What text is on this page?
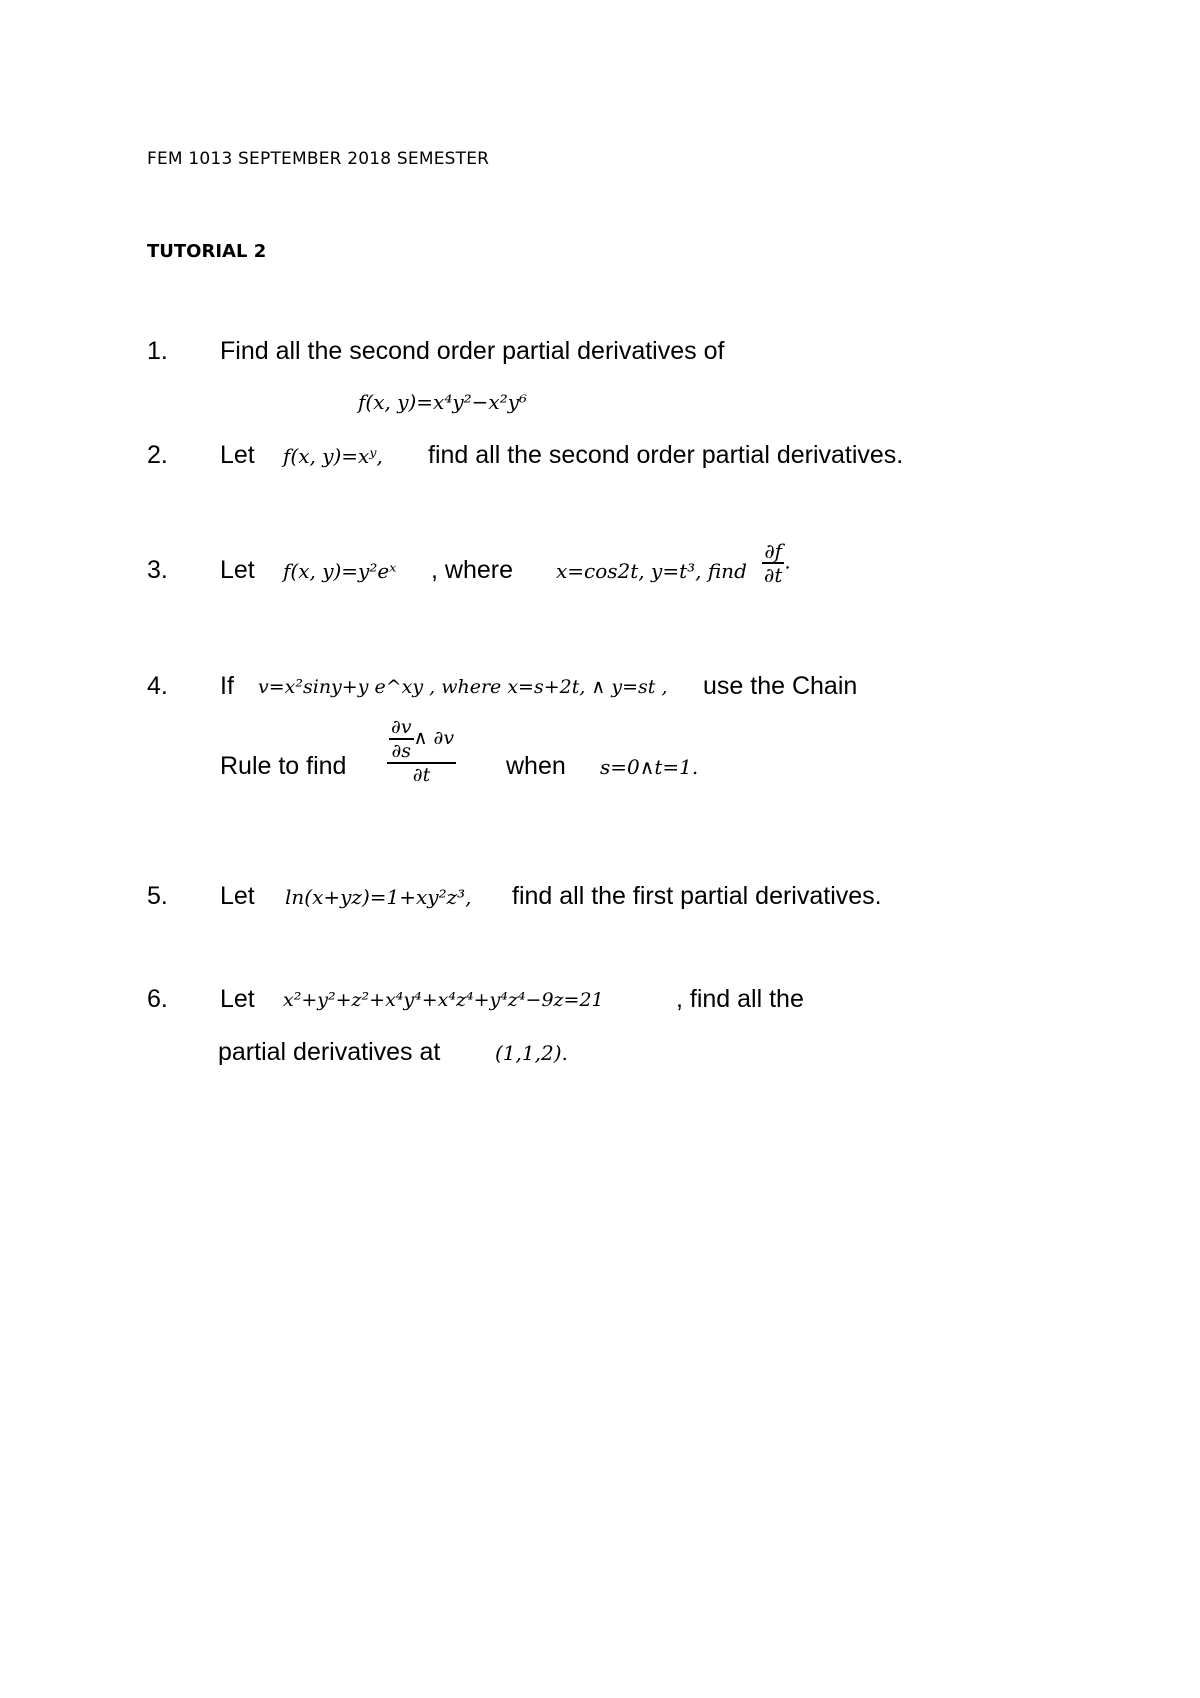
FEM 1013 SEPTEMBER 2018 SEMESTER
TUTORIAL 2
1. Find all the second order partial derivatives of
f(x, y)=x⁴y²−x²y⁶
2. Let f(x, y)=xʸ, find all the second order partial derivatives.
3. Let f(x, y)=y²eˣ , where x=cos2t, y=t³, find $\frac{\partial f}{\partial t}$ .
4. If v=x²siny+y e^xy , where x=s+2t, ∧ y=st , use the Chain
Rule to find $\frac{\frac{\partial v}{\partial s} \wedge \partial v}{\partial t}$ when s=0∧t=1.
5. Let ln(x+yz)=1+xy²z³, find all the first partial derivatives.
6. Let x²+y²+z²+x⁴y⁴+x⁴z⁴+y⁴z⁴−9z=21	, find all the
partial derivatives at	(1,1,2).
